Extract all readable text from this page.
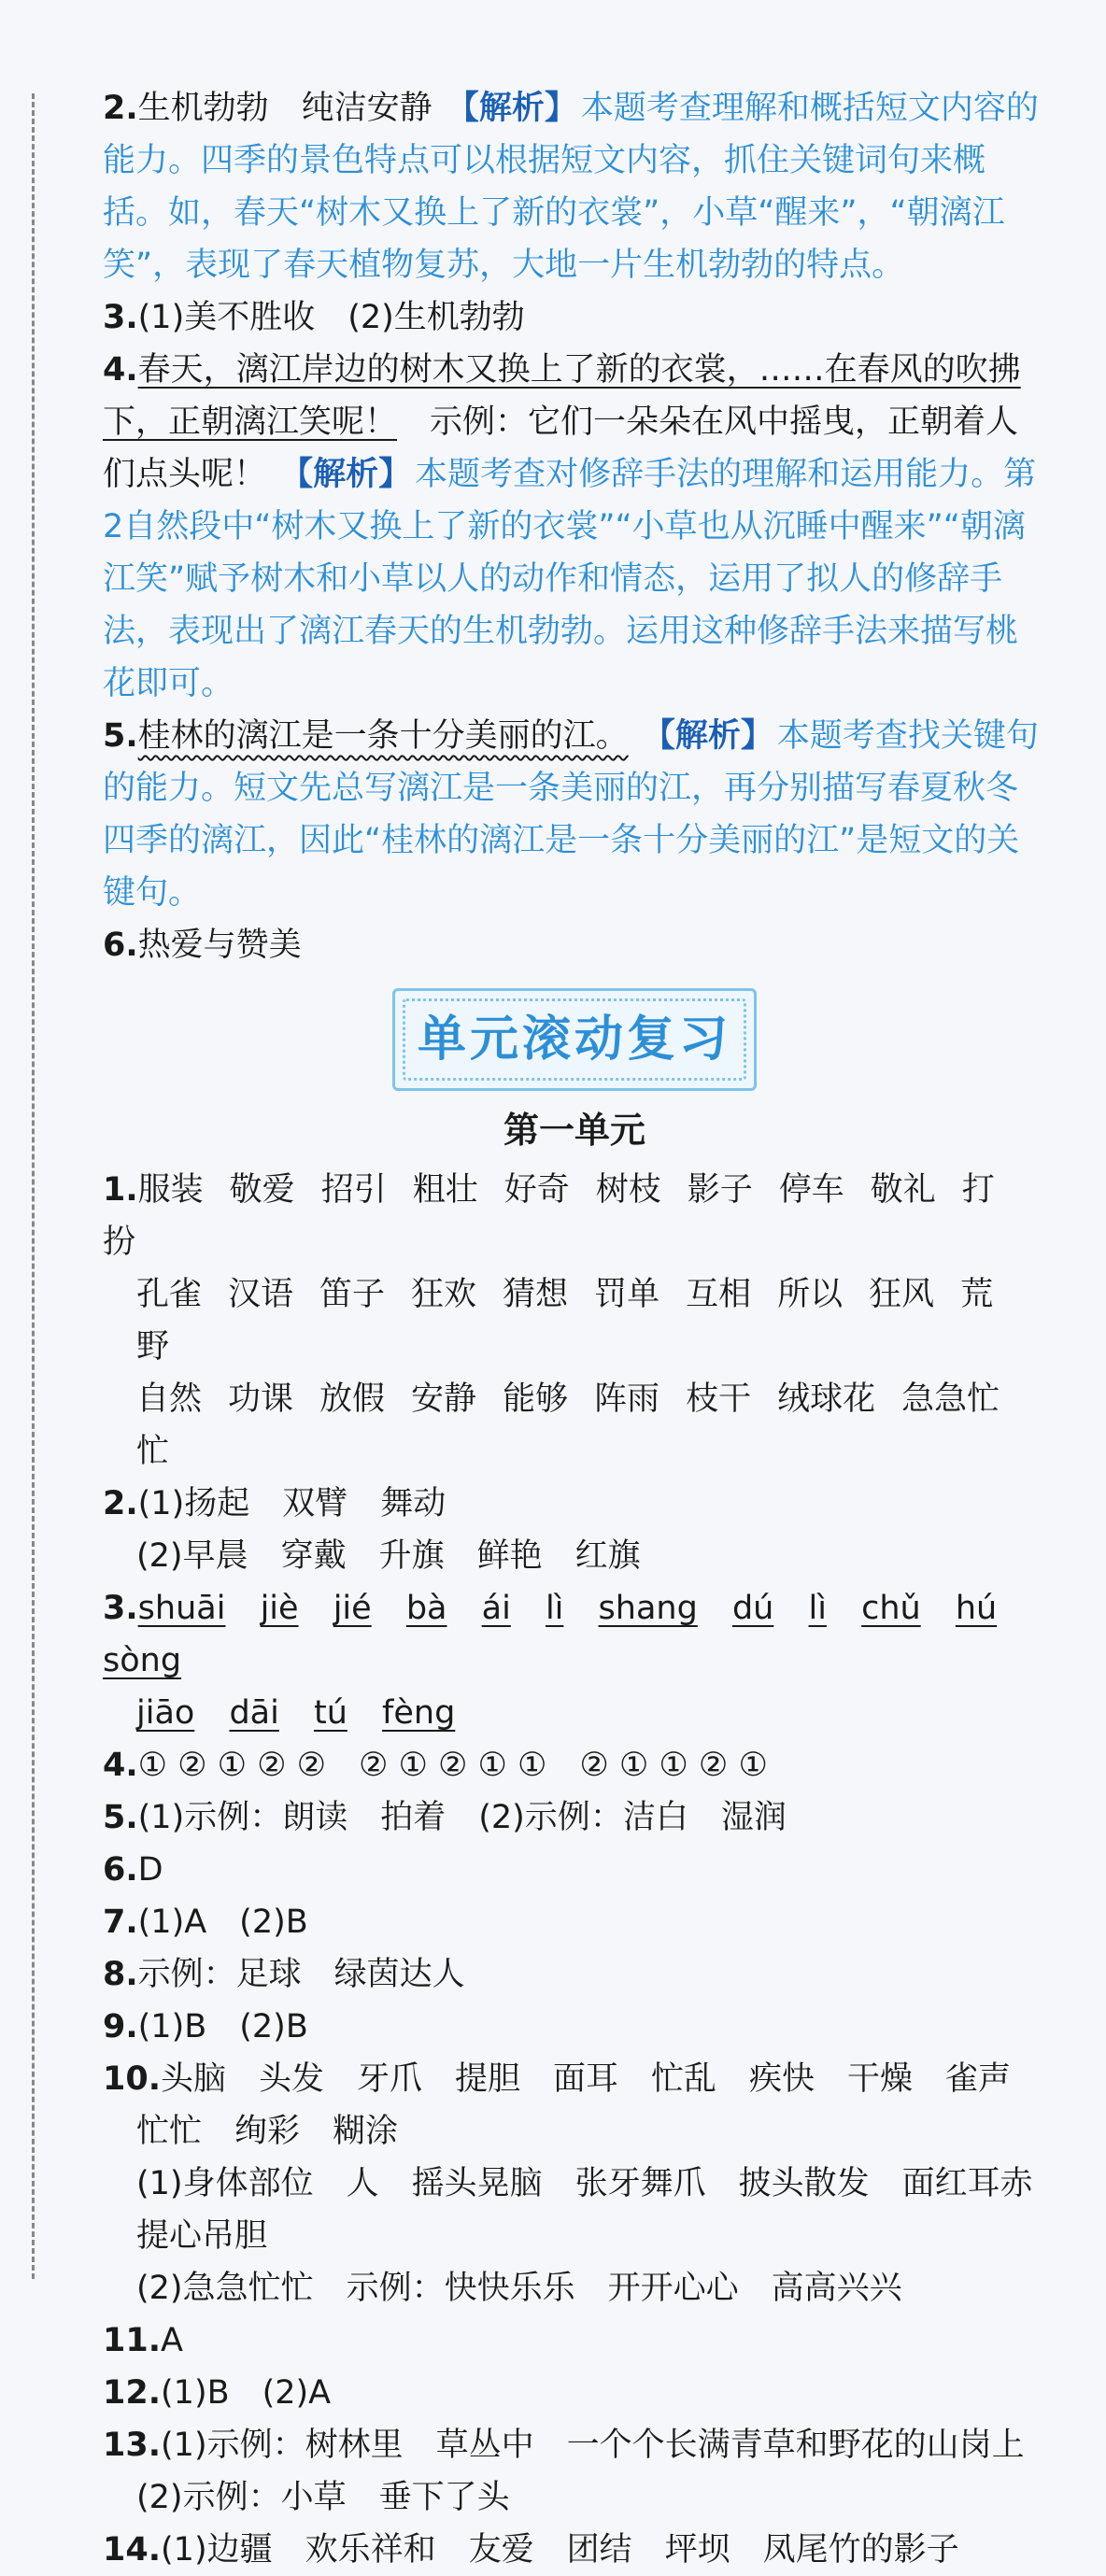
2.生机勃勃　纯洁安静 【解析】 本题考查理解和概括短文内容的能力。四季的景色特点可以根据短文内容，抓住关键词句来概括。如，春天“树木又换上了新的衣裳”，小草“醒来”，“朝漓江笑”，表现了春天植物复苏，大地一片生机勃勃的特点。

3.(1)美不胜收　(2)生机勃勃

4.春天，漓江岸边的树木又换上了新的衣裳，……在春风的吹拂下，正朝漓江笑呢！　 示例：它们一朵朵在风中摇曳，正朝着人们点头呢！ 【解析】 本题考查对修辞手法的理解和运用能力。第2自然段中“树木又换上了新的衣裳”“小草也从沉睡中醒来”“朝漓江笑”赋予树木和小草以人的动作和情态，运用了拟人的修辞手法，表现出了漓江春天的生机勃勃。运用这种修辞手法来描写桃花即可。

5.桂林的漓江是一条十分美丽的江。 【解析】 本题考查找关键句的能力。短文先总写漓江是一条美丽的江，再分别描写春夏秋冬四季的漓江，因此“桂林的漓江是一条十分美丽的江”是短文的关键句。

6.热爱与赞美

单元滚动复习
第一单元
1.服装 敬爱 招引 粗壮 好奇 树枝 影子 停车 敬礼 打扮
孔雀 汉语 笛子 狂欢 猜想 罚单 互相 所以 狂风 荒野
自然 功课 放假 安静 能够 阵雨 枝干 绒球花 急急忙忙
2.(1)扬起　双臂　舞动
(2)早晨　穿戴　升旗　鲜艳　红旗
3.shuāi jiè jié bà ái lì shang dú lì chǔ hú sòng
jiāo dāi tú fèng
4.① ② ① ② ②　② ① ② ① ①　② ① ① ② ①
5.(1)示例：朗读　拍着　(2)示例：洁白　湿润
6.D
7.(1)A　(2)B
8.示例：足球　绿茵达人
9.(1)B　(2)B
10.头脑　头发　牙爪　提胆　面耳　忙乱　疾快　干燥　雀声
忙忙　绚彩　糊涂
(1)身体部位　人　摇头晃脑　张牙舞爪　披头散发　面红耳赤
提心吊胆
(2)急急忙忙　示例：快快乐乐　开开心心　高高兴兴
11.A
12.(1)B　(2)A
13.(1)示例：树林里　草丛中　一个个长满青草和野花的山岗上
(2)示例：小草　垂下了头
14.(1)边疆　欢乐祥和　友爱　团结　坪坝　凤尾竹的影子
